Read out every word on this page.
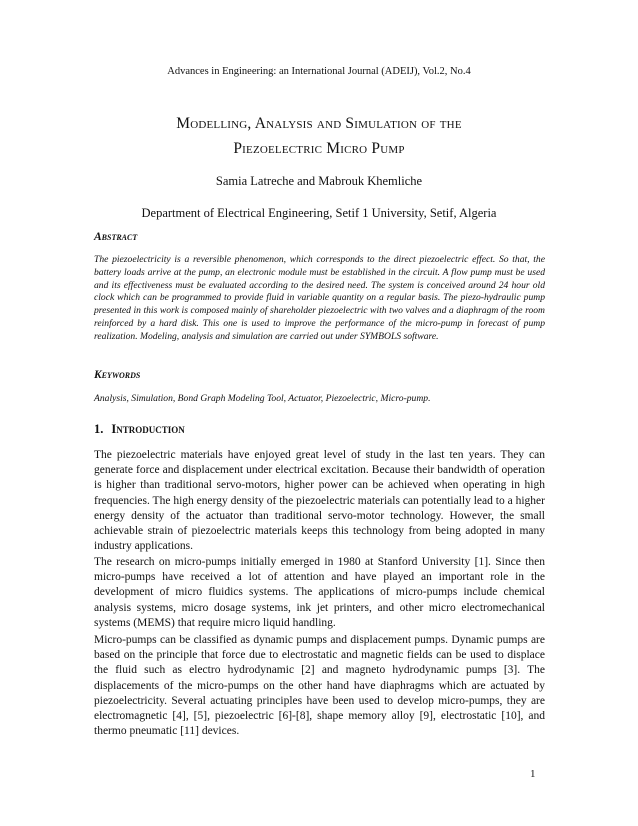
Advances in Engineering: an International Journal (ADEIJ), Vol.2, No.4
Modelling, Analysis and Simulation of the
Piezoelectric Micro Pump
Samia Latreche and Mabrouk Khemliche
Department of Electrical Engineering, Setif 1 University, Setif, Algeria
Abstract
The piezoelectricity is a reversible phenomenon, which corresponds to the direct piezoelectric effect. So that, the battery loads arrive at the pump, an electronic module must be established in the circuit. A flow pump must be used and its effectiveness must be evaluated according to the desired need. The system is conceived around 24 hour old clock which can be programmed to provide fluid in variable quantity on a regular basis. The piezo-hydraulic pump presented in this work is composed mainly of shareholder piezoelectric with two valves and a diaphragm of the room reinforced by a hard disk. This one is used to improve the performance of the micro-pump in forecast of pump realization. Modeling, analysis and simulation are carried out under SYMBOLS software.
Keywords
Analysis, Simulation, Bond Graph Modeling Tool, Actuator, Piezoelectric, Micro-pump.
1. Introduction
The piezoelectric materials have enjoyed great level of study in the last ten years. They can generate force and displacement under electrical excitation. Because their bandwidth of operation is higher than traditional servo-motors, higher power can be achieved when operating in high frequencies. The high energy density of the piezoelectric materials can potentially lead to a higher energy density of the actuator than traditional servo-motor technology. However, the small achievable strain of piezoelectric materials keeps this technology from being adopted in many industry applications.
The research on micro-pumps initially emerged in 1980 at Stanford University [1]. Since then micro-pumps have received a lot of attention and have played an important role in the development of micro fluidics systems. The applications of micro-pumps include chemical analysis systems, micro dosage systems, ink jet printers, and other micro electromechanical systems (MEMS) that require micro liquid handling.
Micro-pumps can be classified as dynamic pumps and displacement pumps. Dynamic pumps are based on the principle that force due to electrostatic and magnetic fields can be used to displace the fluid such as electro hydrodynamic [2] and magneto hydrodynamic pumps [3]. The displacements of the micro-pumps on the other hand have diaphragms which are actuated by piezoelectricity. Several actuating principles have been used to develop micro-pumps, they are electromagnetic [4], [5], piezoelectric [6]-[8], shape memory alloy [9], electrostatic [10], and thermo pneumatic [11] devices.
1
